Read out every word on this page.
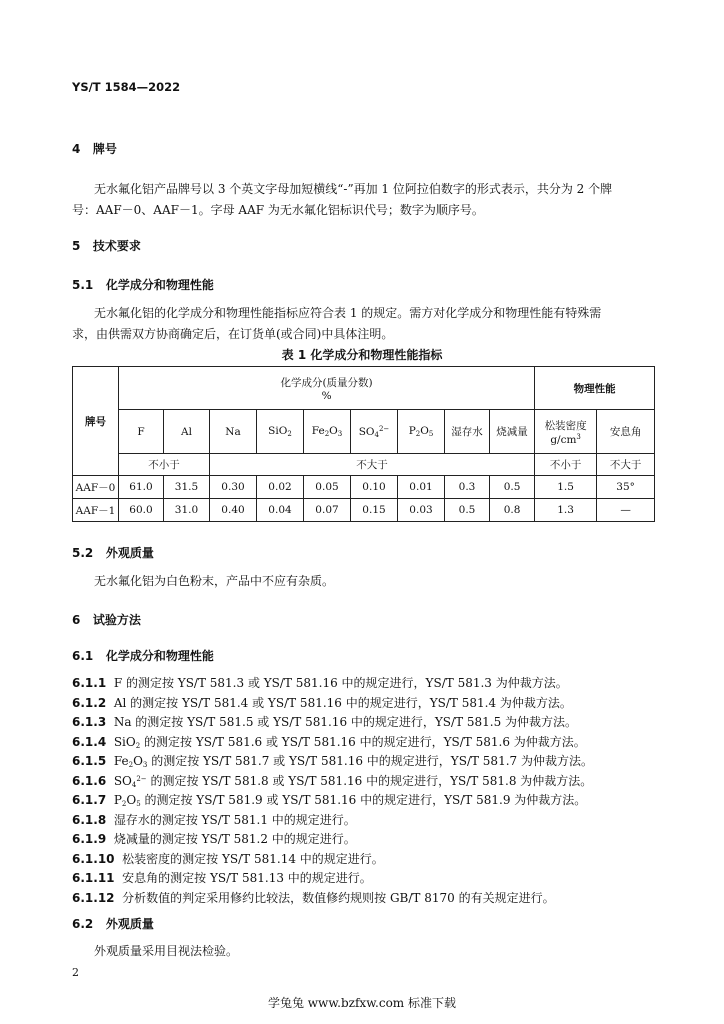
YS/T 1584—2022
4 牌号
无水氟化铝产品牌号以 3 个英文字母加短横线“-”再加 1 位阿拉伯数字的形式表示，共分为 2 个牌
号：AAF－0、AAF－1。字母 AAF 为无水氟化铝标识代号；数字为顺序号。
5 技术要求
5.1 化学成分和物理性能
无水氟化铝的化学成分和物理性能指标应符合表 1 的规定。需方对化学成分和物理性能有特殊需
求，由供需双方协商确定后，在订货单(或合同)中具体注明。
表 1 化学成分和物理性能指标
牌号	化学成分(质量分数)
%									物理性能	
	F	Al	Na	SiO$_2$	$Fe_2O_3$	$SO_4^{2-}$	$P_2O_5$	湿存水	烧减量	松装密度
$g/cm^3$	安息角
	不小于		不大于							不小于	不大于
AAF－0	61.0	31.5	0.30	0.02	0.05	0.10	0.01	0.3	0.5	1.5	35°
AAF－1	60.0	31.0	0.40	0.04	0.07	0.15	0.03	0.5	0.8	1.3	—
5.2 外观质量
无水氟化铝为白色粉末，产品中不应有杂质。
6 试验方法
6.1 化学成分和物理性能
6.1.1 F 的测定按 YS/T 581.3 或 YS/T 581.16 中的规定进行，YS/T 581.3 为仲裁方法。
6.1.2 Al 的测定按 YS/T 581.4 或 YS/T 581.16 中的规定进行，YS/T 581.4 为仲裁方法。
6.1.3 Na 的测定按 YS/T 581.5 或 YS/T 581.16 中的规定进行，YS/T 581.5 为仲裁方法。
6.1.4 SiO$_2$ 的测定按 YS/T 581.6 或 YS/T 581.16 中的规定进行，YS/T 581.6 为仲裁方法。
6.1.5 $Fe_2O_3$ 的测定按 YS/T 581.7 或 YS/T 581.16 中的规定进行，YS/T 581.7 为仲裁方法。
6.1.6 $SO_4^{2-}$ 的测定按 YS/T 581.8 或 YS/T 581.16 中的规定进行，YS/T 581.8 为仲裁方法。
6.1.7 $P_2O_5$ 的测定按 YS/T 581.9 或 YS/T 581.16 中的规定进行，YS/T 581.9 为仲裁方法。
6.1.8 湿存水的测定按 YS/T 581.1 中的规定进行。
6.1.9 烧减量的测定按 YS/T 581.2 中的规定进行。
6.1.10 松装密度的测定按 YS/T 581.14 中的规定进行。
6.1.11 安息角的测定按 YS/T 581.13 中的规定进行。
6.1.12 分析数值的判定采用修约比较法，数值修约规则按 GB/T 8170 的有关规定进行。
6.2 外观质量
外观质量采用目视法检验。
2
学兔兔 www.bzfxw.com 标准下载
